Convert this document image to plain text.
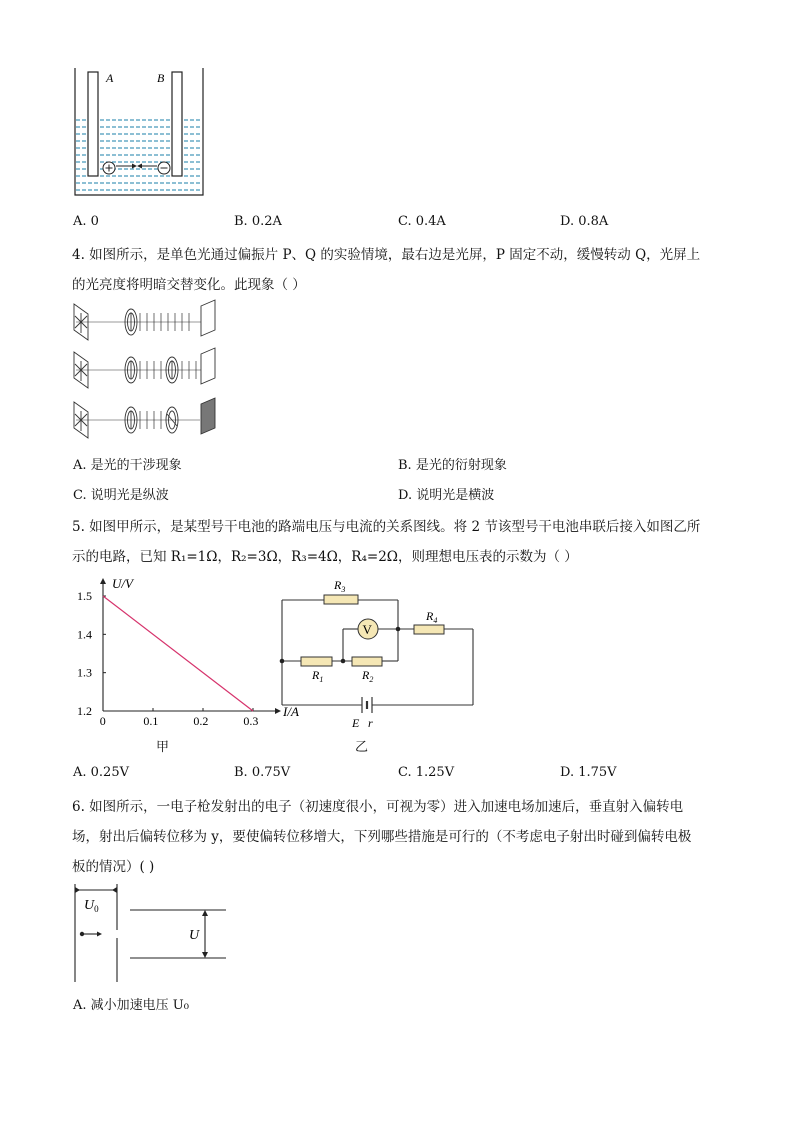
A	B
A. 0	B. 0.2A	C. 0.4A	D. 0.8A
4. 如图所示，是单色光通过偏振片 P、Q 的实验情境，最右边是光屏，P 固定不动，缓慢转动 Q，光屏上
的光亮度将明暗交替变化。此现象（ ）
A. 是光的干涉现象	B. 是光的衍射现象
C. 说明光是纵波	D. 说明光是横波
5. 如图甲所示，是某型号干电池的路端电压与电流的关系图线。将 2 节该型号干电池串联后接入如图乙所
示的电路，已知 R₁=1Ω，R₂=3Ω，R₃=4Ω，R₄=2Ω，则理想电压表的示数为（ ）
0	0.1	0.2	0.3
1.2
1.3
1.4
1.5
I/A
U/V
甲
V
$R_3$
$R_4$
$R_1$	$R_2$
E r
乙
A. 0.25V	B. 0.75V	C. 1.25V	D. 1.75V
6. 如图所示，一电子枪发射出的电子（初速度很小，可视为零）进入加速电场加速后，垂直射入偏转电
场，射出后偏转位移为 y，要使偏转位移增大，下列哪些措施是可行的（不考虑电子射出时碰到偏转电极
板的情况）( )
$U_0$
U
A. 减小加速电压 U₀
